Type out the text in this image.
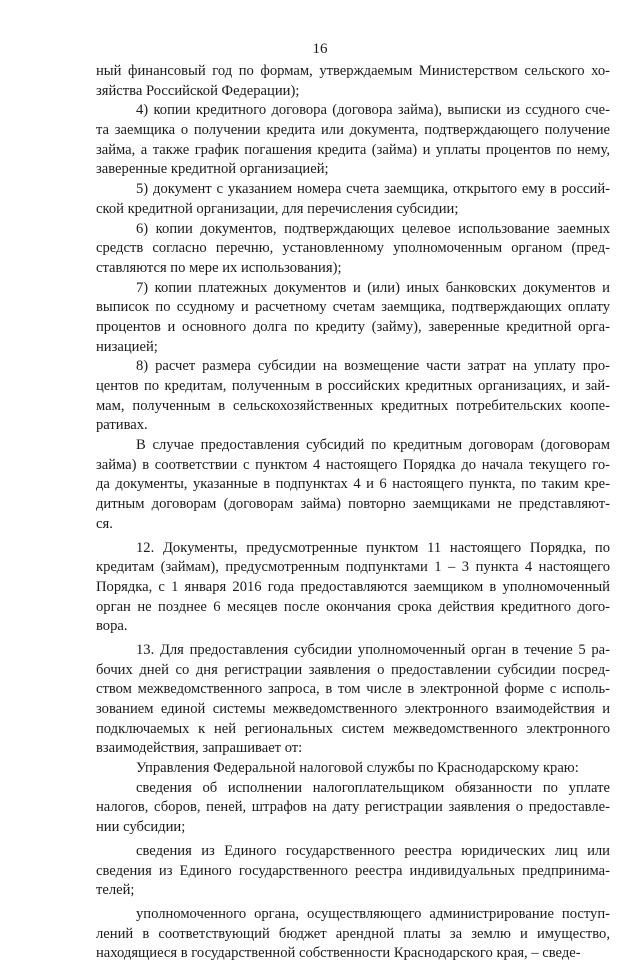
16

ный финансовый год по формам, утверждаемым Министерством сельского хо-
зяйства Российской Федерации);

4) копии кредитного договора (договора займа), выписки из ссудного сче-
та заемщика о получении кредита или документа, подтверждающего получение
займа, а также график погашения кредита (займа) и уплаты процентов по нему,
заверенные кредитной организацией;

5) документ с указанием номера счета заемщика, открытого ему в россий-
ской кредитной организации, для перечисления субсидии;

6) копии документов, подтверждающих целевое использование заемных
средств согласно перечню, установленному уполномоченным органом (пред-
ставляются по мере их использования);

7) копии платежных документов и (или) иных банковских документов и
выписок по ссудному и расчетному счетам заемщика, подтверждающих оплату
процентов и основного долга по кредиту (займу), заверенные кредитной орга-
низацией;

8) расчет размера субсидии на возмещение части затрат на уплату про-
центов по кредитам, полученным в российских кредитных организациях, и зай-
мам, полученным в сельскохозяйственных кредитных потребительских коопе-
ративах.

В случае предоставления субсидий по кредитным договорам (договорам
займа) в соответствии с пунктом 4 настоящего Порядка до начала текущего го-
да документы, указанные в подпунктах 4 и 6 настоящего пункта, по таким кре-
дитным договорам (договорам займа) повторно заемщиками не представляют-
ся.

12. Документы, предусмотренные пунктом 11 настоящего Порядка, по
кредитам (займам), предусмотренным подпунктами 1 – 3 пункта 4 настоящего
Порядка, с 1 января 2016 года предоставляются заемщиком в уполномоченный
орган не позднее 6 месяцев после окончания срока действия кредитного дого-
вора.

13. Для предоставления субсидии уполномоченный орган в течение 5 ра-
бочих дней со дня регистрации заявления о предоставлении субсидии посред-
ством межведомственного запроса, в том числе в электронной форме с исполь-
зованием единой системы межведомственного электронного взаимодействия и
подключаемых к ней региональных систем межведомственного электронного
взаимодействия, запрашивает от:

Управления Федеральной налоговой службы по Краснодарскому краю:

сведения об исполнении налогоплательщиком обязанности по уплате
налогов, сборов, пеней, штрафов на дату регистрации заявления о предоставле-
нии субсидии;

сведения из Единого государственного реестра юридических лиц или
сведения из Единого государственного реестра индивидуальных предпринима-
телей;

уполномоченного органа, осуществляющего администрирование поступ-
лений в соответствующий бюджет арендной платы за землю и имущество,
находящиеся в государственной собственности Краснодарского края, – сведе-
